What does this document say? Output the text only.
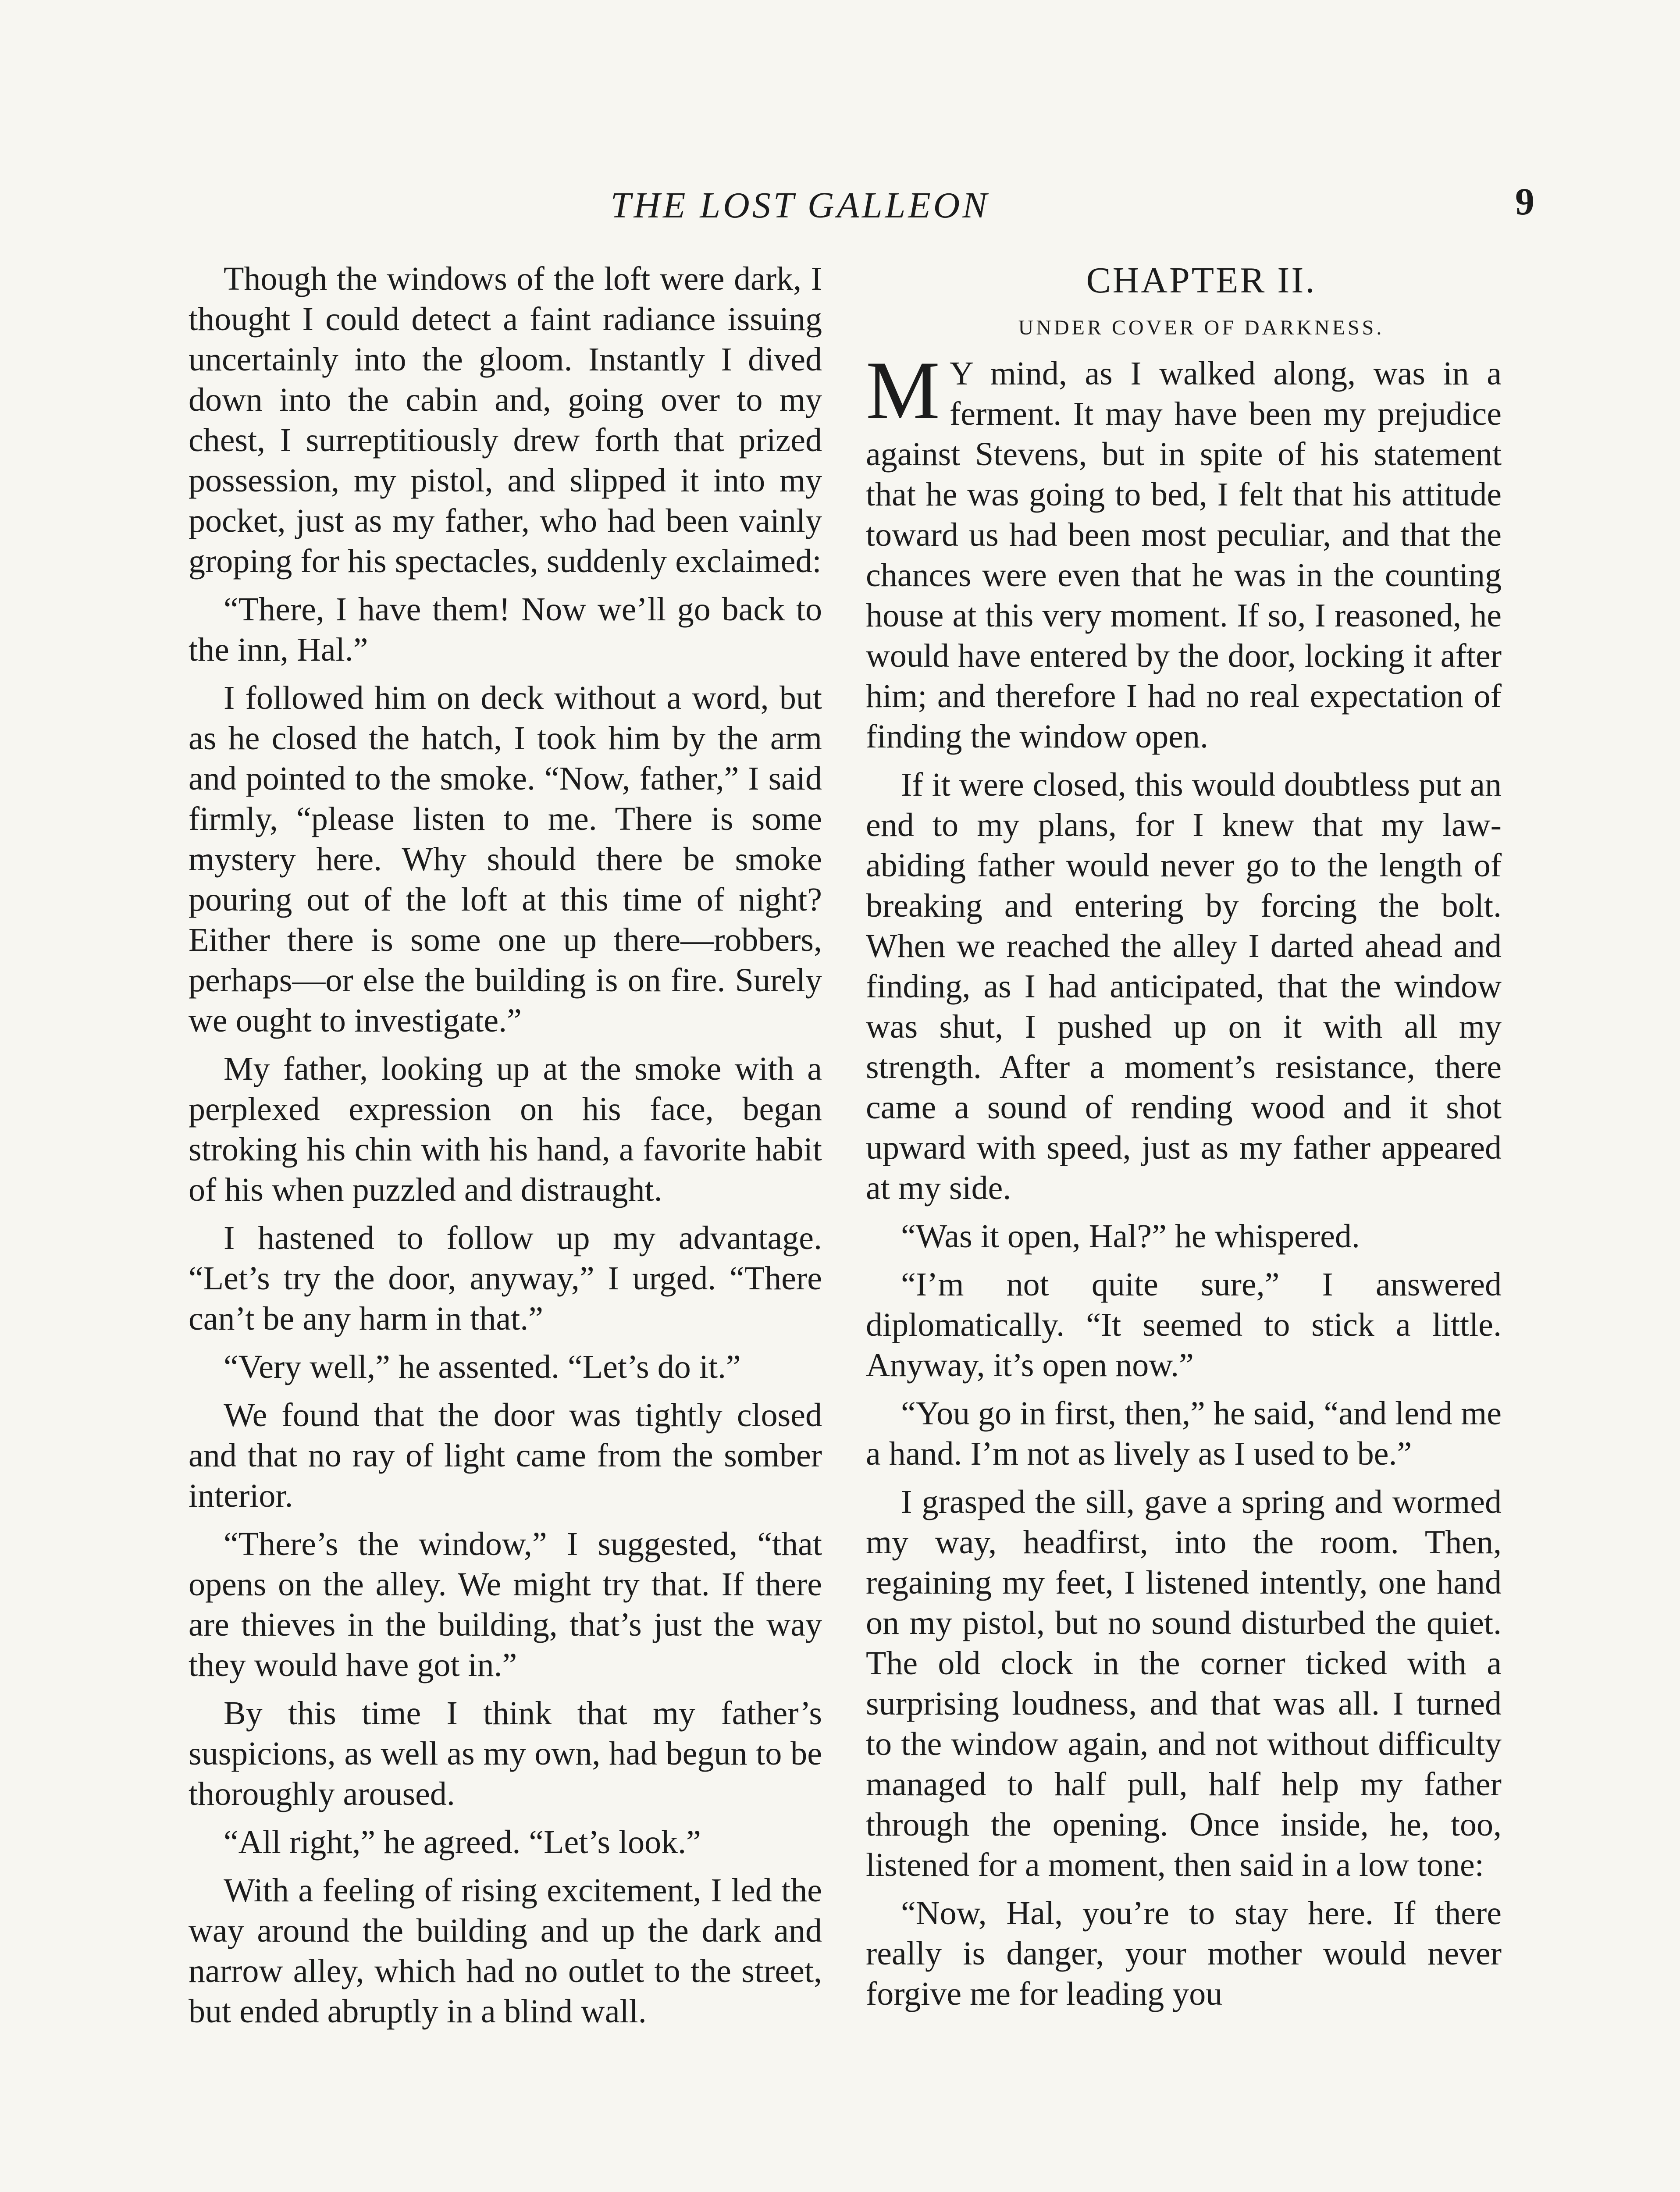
THE LOST GALLEON	9

Though the windows of the loft were dark, I thought I could detect a faint radiance issuing uncertainly into the gloom. Instantly I dived down into the cabin and, going over to my chest, I surreptitiously drew forth that prized possession, my pistol, and slipped it into my pocket, just as my father, who had been vainly groping for his spectacles, suddenly exclaimed:

“There, I have them! Now we’ll go back to the inn, Hal.”

I followed him on deck without a word, but as he closed the hatch, I took him by the arm and pointed to the smoke. “Now, father,” I said firmly, “please listen to me. There is some mystery here. Why should there be smoke pouring out of the loft at this time of night? Either there is some one up there—robbers, perhaps—or else the building is on fire. Surely we ought to investigate.”

My father, looking up at the smoke with a perplexed expression on his face, began stroking his chin with his hand, a favorite habit of his when puzzled and distraught.

I hastened to follow up my advantage. “Let’s try the door, anyway,” I urged. “There can’t be any harm in that.”

“Very well,” he assented. “Let’s do it.”

We found that the door was tightly closed and that no ray of light came from the somber interior.

“There’s the window,” I suggested, “that opens on the alley. We might try that. If there are thieves in the building, that’s just the way they would have got in.”

By this time I think that my father’s suspicions, as well as my own, had begun to be thoroughly aroused.

“All right,” he agreed. “Let’s look.”

With a feeling of rising excitement, I led the way around the building and up the dark and narrow alley, which had no outlet to the street, but ended abruptly in a blind wall.

CHAPTER II.

UNDER COVER OF DARKNESS.

M Y mind, as I walked along, was in a ferment. It may have been my prejudice against Stevens, but in spite of his statement that he was going to bed, I felt that his attitude toward us had been most peculiar, and that the chances were even that he was in the counting house at this very moment. If so, I reasoned, he would have entered by the door, locking it after him; and therefore I had no real expectation of finding the window open.

If it were closed, this would doubtless put an end to my plans, for I knew that my law-abiding father would never go to the length of breaking and entering by forcing the bolt. When we reached the alley I darted ahead and finding, as I had anticipated, that the window was shut, I pushed up on it with all my strength. After a moment’s resistance, there came a sound of rending wood and it shot upward with speed, just as my father appeared at my side.

“Was it open, Hal?” he whispered.

“I’m not quite sure,” I answered diplomatically. “It seemed to stick a little. Anyway, it’s open now.”

“You go in first, then,” he said, “and lend me a hand. I’m not as lively as I used to be.”

I grasped the sill, gave a spring and wormed my way, headfirst, into the room. Then, regaining my feet, I listened intently, one hand on my pistol, but no sound disturbed the quiet. The old clock in the corner ticked with a surprising loudness, and that was all. I turned to the window again, and not without difficulty managed to half pull, half help my father through the opening. Once inside, he, too, listened for a moment, then said in a low tone:

“Now, Hal, you’re to stay here. If there really is danger, your mother would never forgive me for leading you
